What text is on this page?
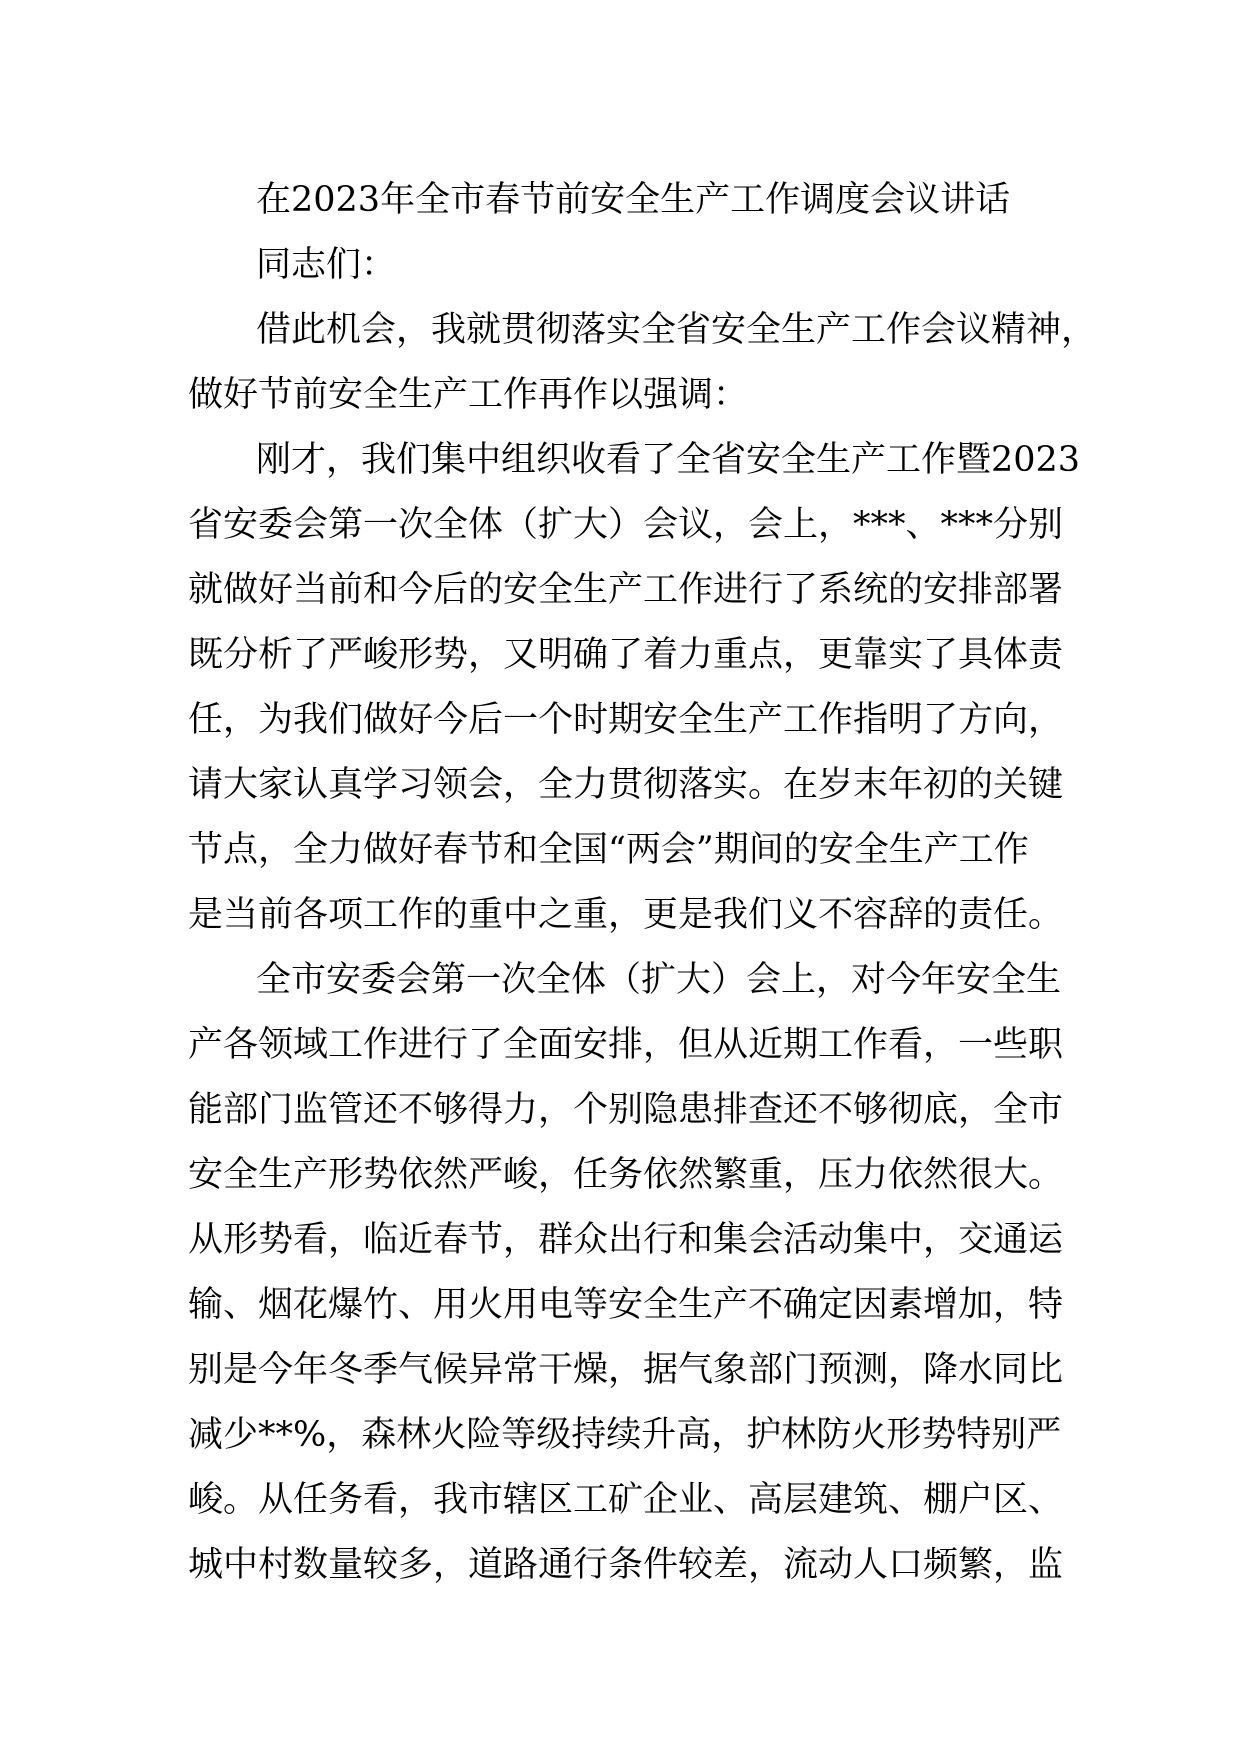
在2023年全市春节前安全生产工作调度会议讲话
同志们：
借此机会，我就贯彻落实全省安全生产工作会议精神，
做好节前安全生产工作再作以强调：
刚才，我们集中组织收看了全省安全生产工作暨2023
省安委会第一次全体（扩大）会议，会上，***、***分别
就做好当前和今后的安全生产工作进行了系统的安排部署
既分析了严峻形势，又明确了着力重点，更靠实了具体责
任，为我们做好今后一个时期安全生产工作指明了方向，
请大家认真学习领会，全力贯彻落实。在岁末年初的关键
节点，全力做好春节和全国“两会”期间的安全生产工作
是当前各项工作的重中之重，更是我们义不容辞的责任。
全市安委会第一次全体（扩大）会上，对今年安全生
产各领域工作进行了全面安排，但从近期工作看，一些职
能部门监管还不够得力，个别隐患排查还不够彻底，全市
安全生产形势依然严峻，任务依然繁重，压力依然很大。
从形势看，临近春节，群众出行和集会活动集中，交通运
输、烟花爆竹、用火用电等安全生产不确定因素增加，特
别是今年冬季气候异常干燥，据气象部门预测，降水同比
减少**%，森林火险等级持续升高，护林防火形势特别严
峻。从任务看，我市辖区工矿企业、高层建筑、棚户区、
城中村数量较多，道路通行条件较差，流动人口频繁，监
